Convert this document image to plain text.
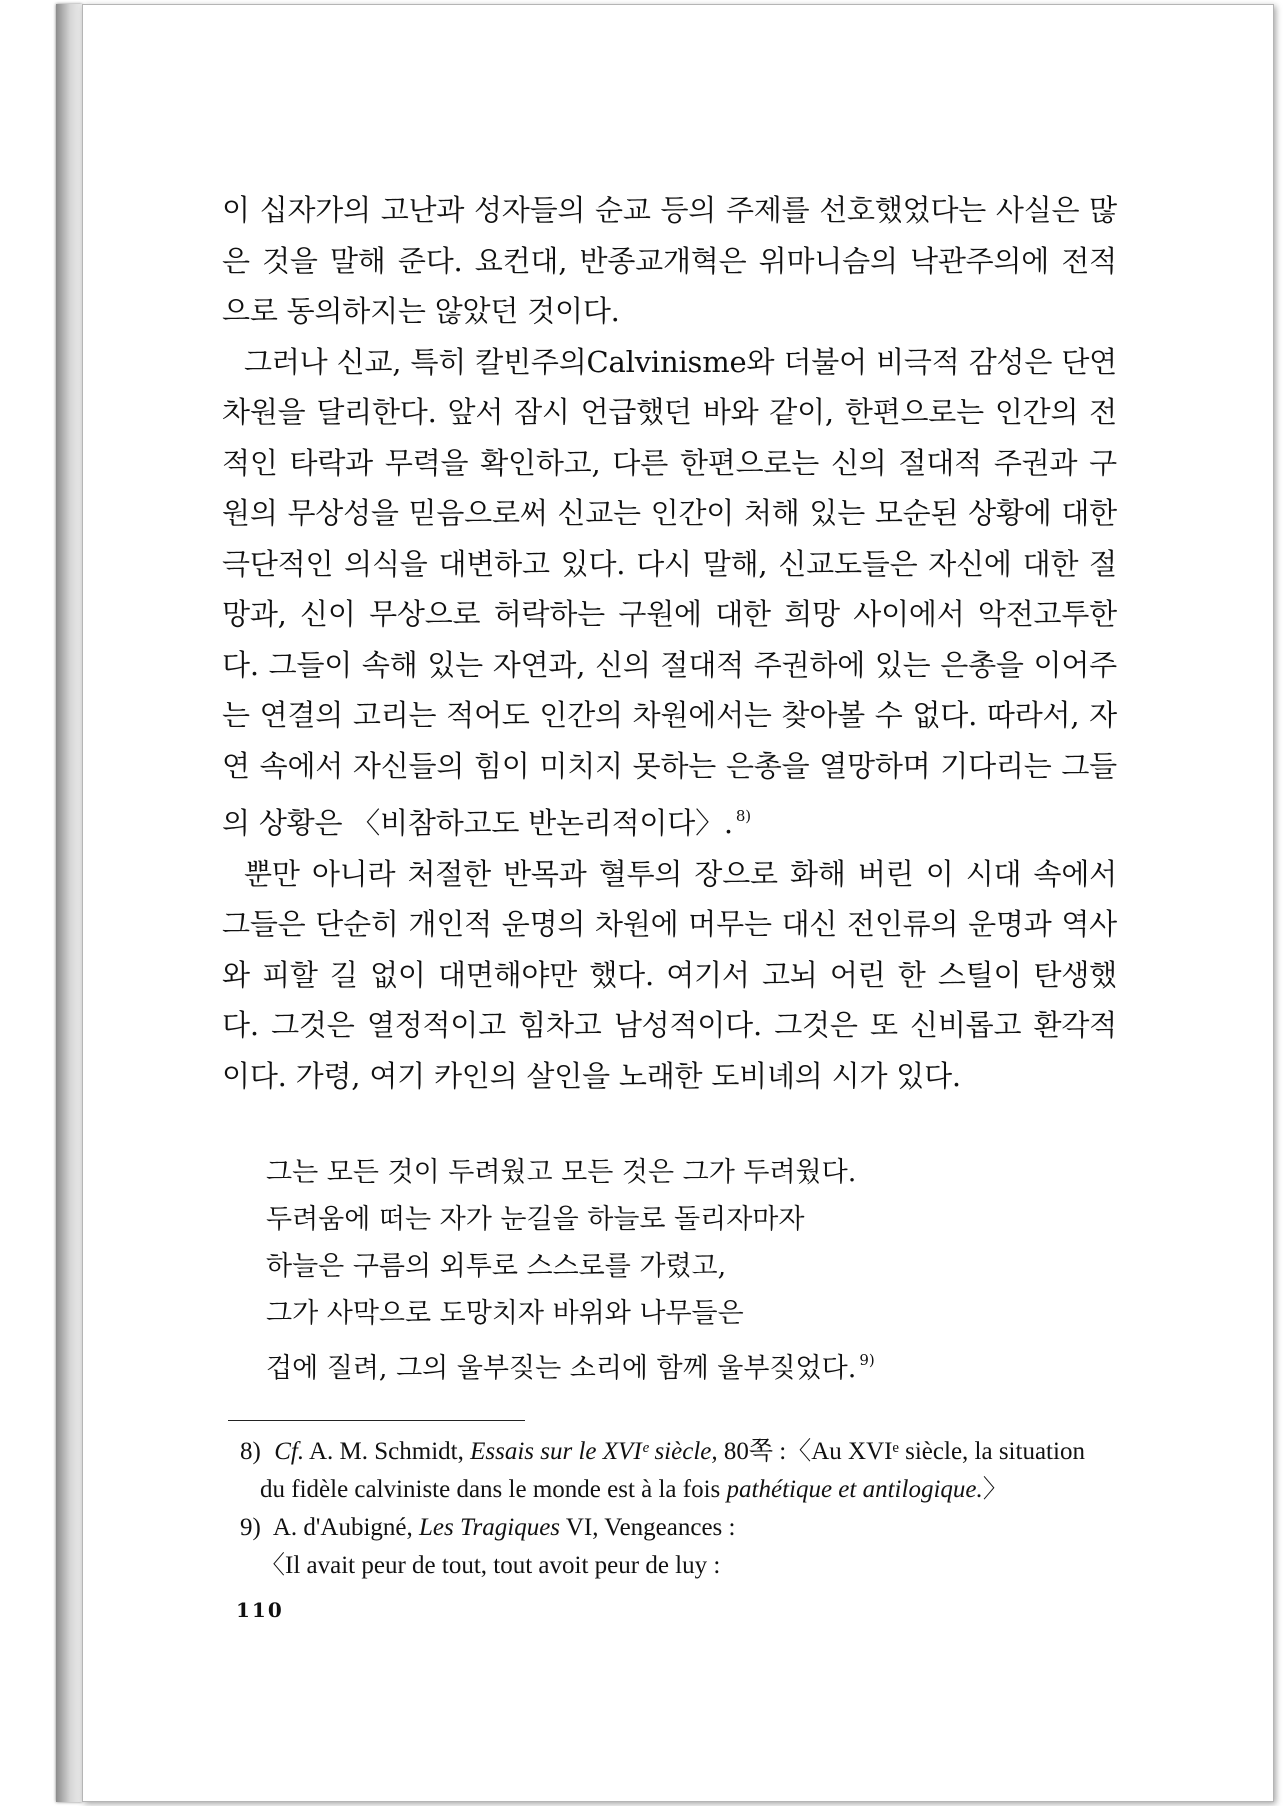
이 십자가의 고난과 성자들의 순교 등의 주제를 선호했었다는 사실은 많은 것을 말해 준다. 요컨대, 반종교개혁은 위마니슴의 낙관주의에 전적으로 동의하지는 않았던 것이다.

그러나 신교, 특히 칼빈주의Calvinisme와 더불어 비극적 감성은 단연 차원을 달리한다. 앞서 잠시 언급했던 바와 같이, 한편으로는 인간의 전적인 타락과 무력을 확인하고, 다른 한편으로는 신의 절대적 주권과 구원의 무상성을 믿음으로써 신교는 인간이 처해 있는 모순된 상황에 대한 극단적인 의식을 대변하고 있다. 다시 말해, 신교도들은 자신에 대한 절망과, 신이 무상으로 허락하는 구원에 대한 희망 사이에서 악전고투한다. 그들이 속해 있는 자연과, 신의 절대적 주권하에 있는 은총을 이어주는 연결의 고리는 적어도 인간의 차원에서는 찾아볼 수 없다. 따라서, 자연 속에서 자신들의 힘이 미치지 못하는 은총을 열망하며 기다리는 그들의 상황은 〈비참하고도 반논리적이다〉. $^{8)}$

뿐만 아니라 처절한 반목과 혈투의 장으로 화해 버린 이 시대 속에서 그들은 단순히 개인적 운명의 차원에 머무는 대신 전인류의 운명과 역사와 피할 길 없이 대면해야만 했다. 여기서 고뇌 어린 한 스틸이 탄생했다. 그것은 열정적이고 힘차고 남성적이다. 그것은 또 신비롭고 환각적이다. 가령, 여기 카인의 살인을 노래한 도비녜의 시가 있다.

그는 모든 것이 두려웠고 모든 것은 그가 두려웠다.
두려움에 떠는 자가 눈길을 하늘로 돌리자마자
하늘은 구름의 외투로 스스로를 가렸고,
그가 사막으로 도망치자 바위와 나무들은
겁에 질려, 그의 울부짖는 소리에 함께 울부짖었다. $^{9)}$
8) Cf. A. M. Schmidt, Essais sur le XVIᵉ siècle, 80쪽 :〈Au XVIᵉ siècle, la situation
du fidèle calviniste dans le monde est à la fois pathétique et antilogique.〉
9) A. d'Aubigné, Les Tragiques VI, Vengeances :
〈Il avait peur de tout, tout avoit peur de luy :
110
